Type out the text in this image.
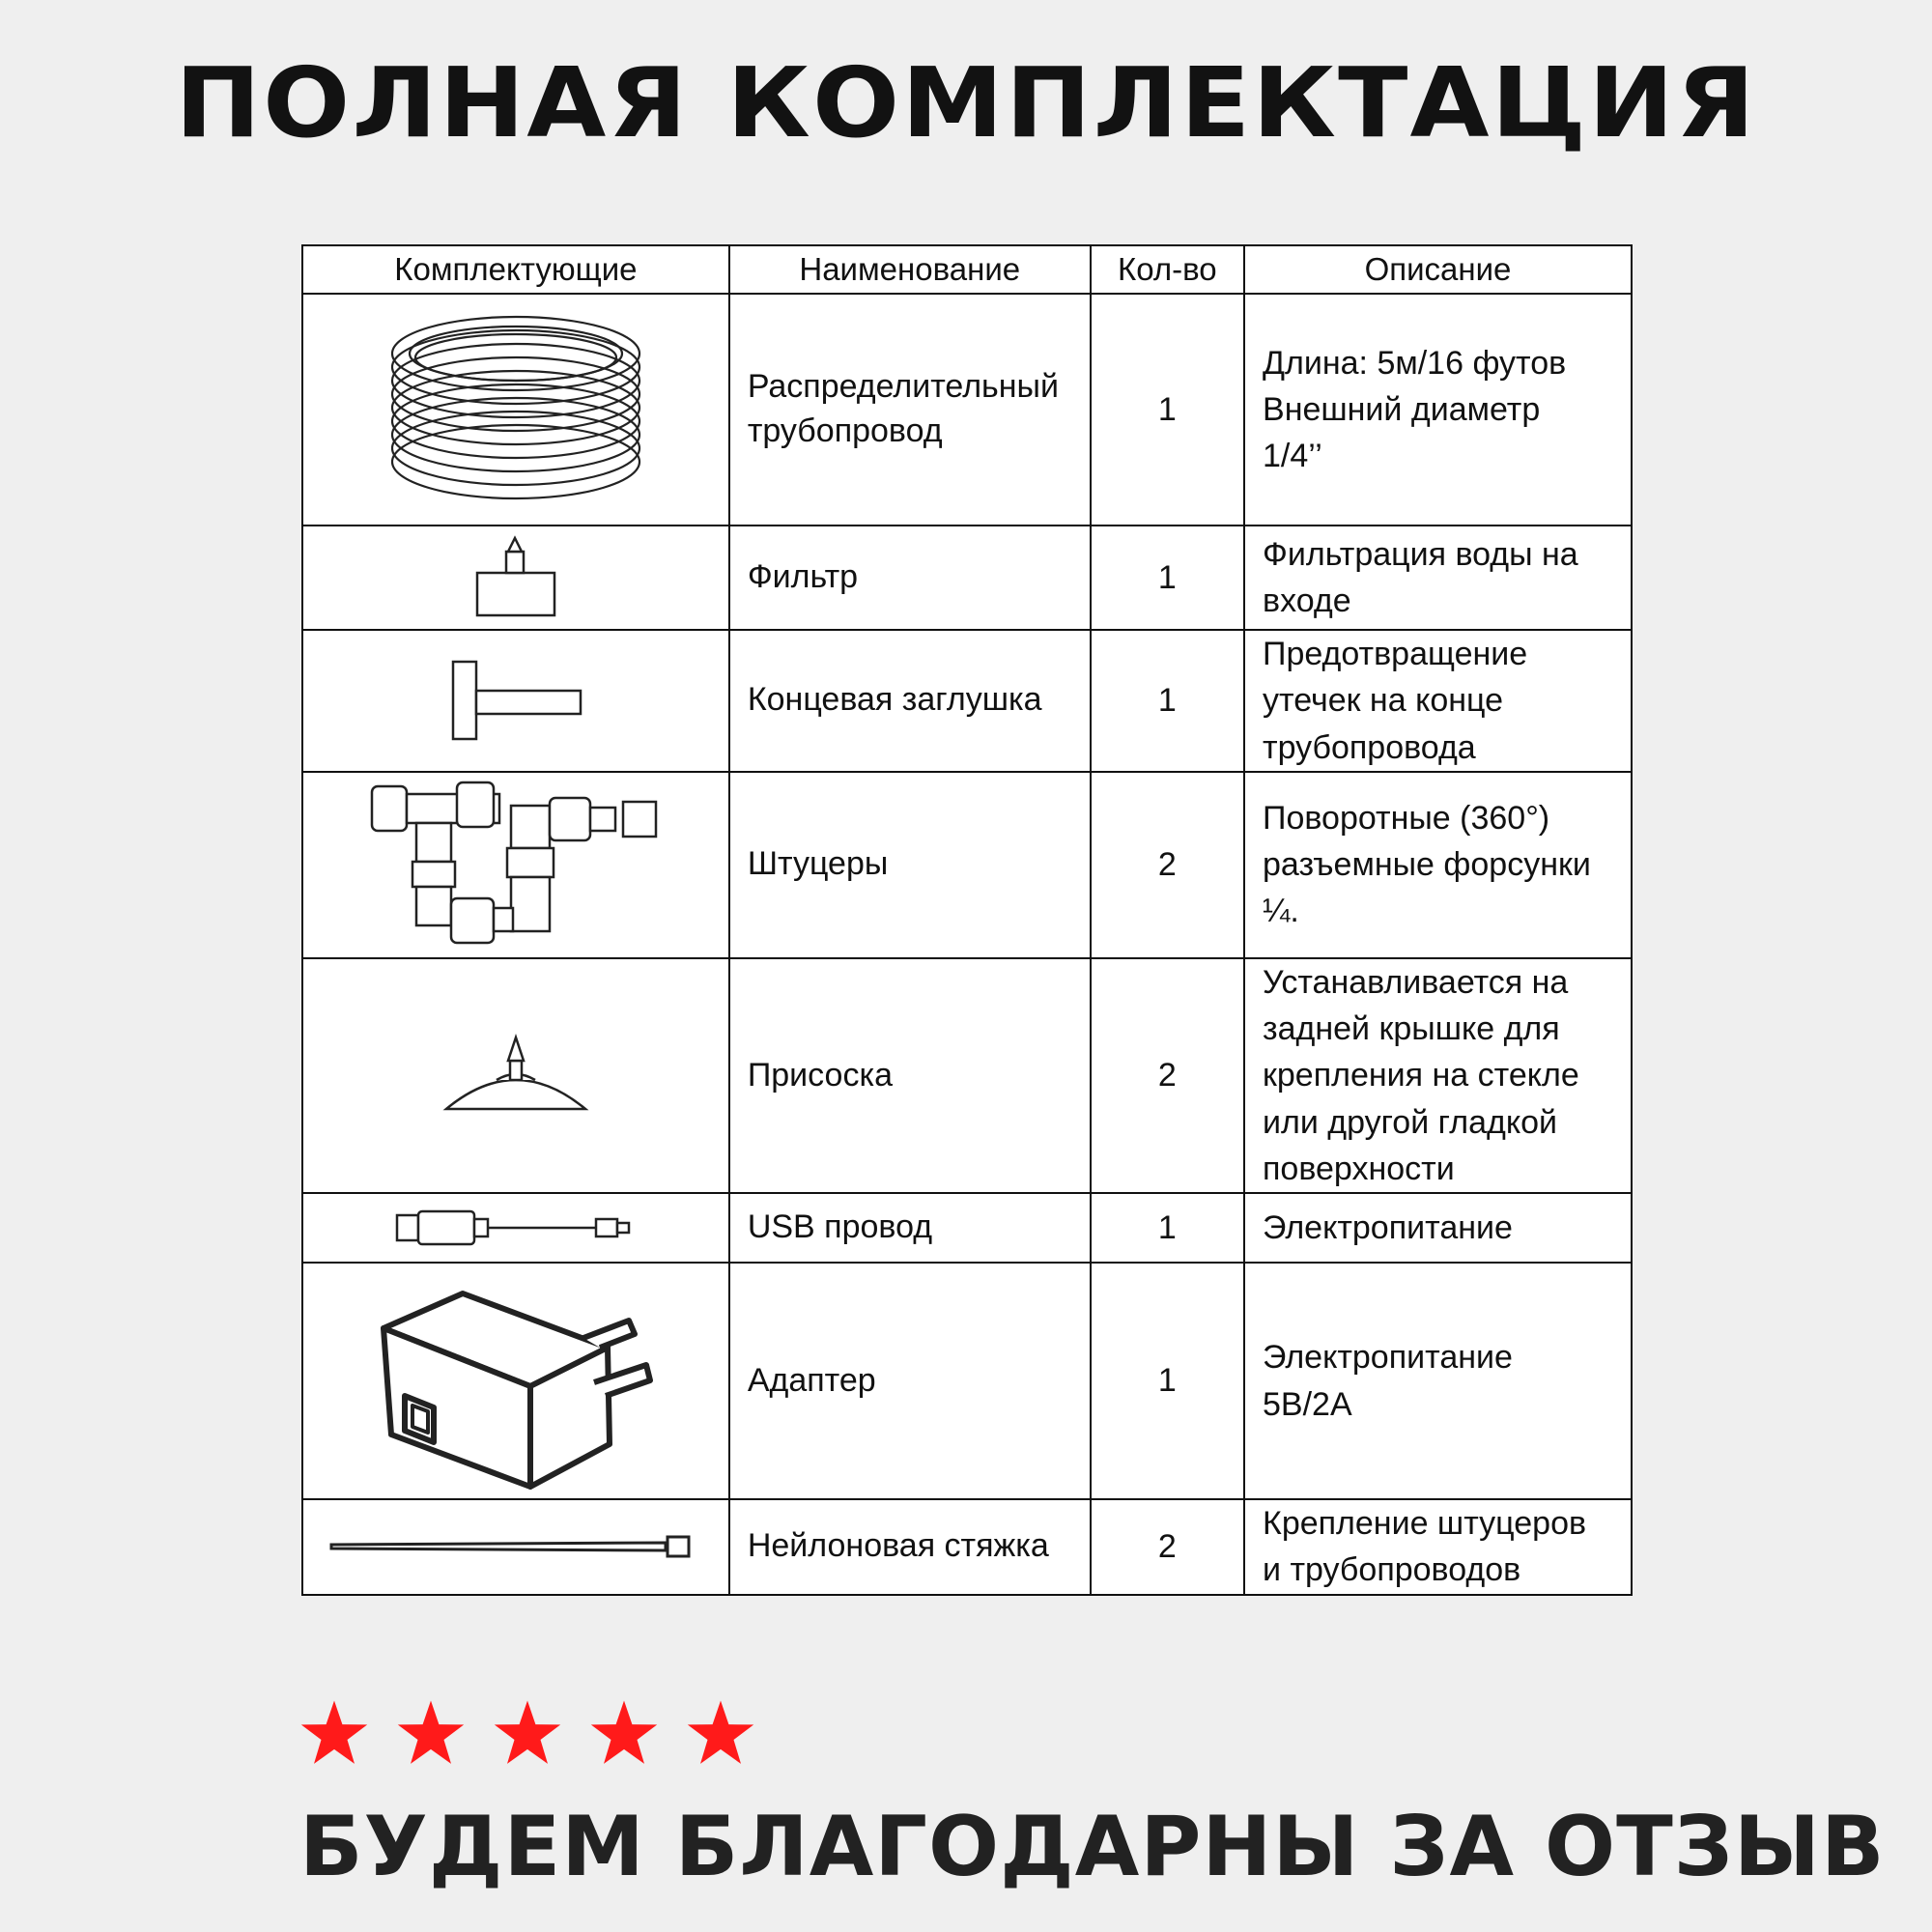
ПОЛНАЯ КОМПЛЕКТАЦИЯ
Комплектующие	Наименование	Кол-во	Описание

	Распределительный трубопровод	1	Длина: 5м/16 футов
Внешний диаметр
1/4’’

	Фильтр	1	Фильтрация воды на
входе

	Концевая заглушка	1	Предотвращение
утечек на конце
трубопровода

	Штуцеры	2	Поворотные (360°)
разъемные форсунки
¼.

	Присоска	2	Устанавливается на
задней крышке для
крепления на стекле
или другой гладкой
поверхности

	USB провод	1	Электропитание

	Адаптер	1	Электропитание
5В/2А

	Нейлоновая стяжка	2	Крепление штуцеров
и трубопроводов
БУДЕМ БЛАГОДАРНЫ ЗА ОТЗЫВ
